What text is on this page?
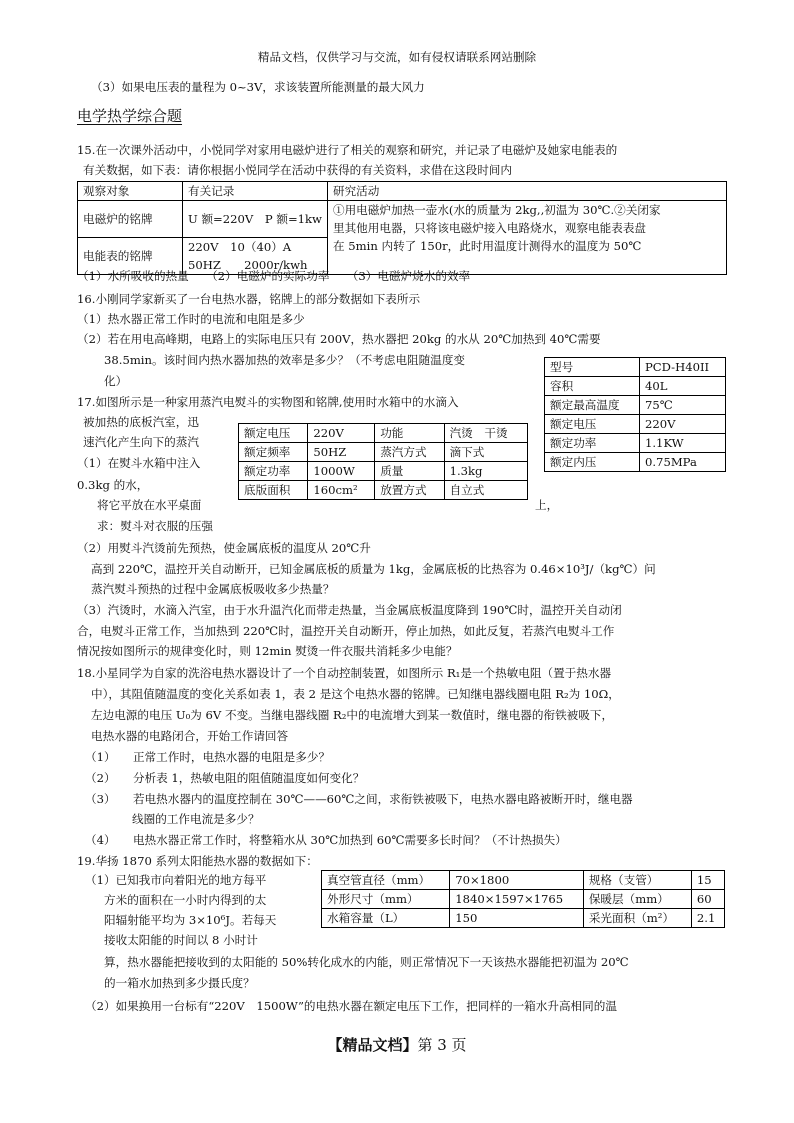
精品文档，仅供学习与交流，如有侵权请联系网站删除
（3）如果电压表的量程为 0~3V，求该装置所能测量的最大风力
电学热学综合题
15.在一次课外活动中，小悦同学对家用电磁炉进行了相关的观察和研究，并记录了电磁炉及她家电能表的
有关数据，如下表：请你根据小悦同学在活动中获得的有关资料，求借在这段时间内
观察对象	有关记录	研究活动
电磁炉的铭牌	U 额=220V　P 额=1kw	①用电磁炉加热一壶水(水的质量为 2kg,,初温为 30℃.②关闭家
		里其他用电器，只将该电磁炉接入电路烧水，观察电能表表盘
电能表的铭牌	220V　10（40）A	在 5min 内转了 150r，此时用温度计测得水的温度为 50℃
	50HZ　　2000r/kwh	
（1）水所吸收的热量　　（2）电磁炉的实际功率　　（3）电磁炉烧水的效率
16.小刚同学家新买了一台电热水器，铭牌上的部分数据如下表所示
（1）热水器正常工作时的电流和电阻是多少
（2）若在用电高峰期，电路上的实际电压只有 200V，热水器把 20kg 的水从 20℃加热到 40℃需要
38.5min。该时间内热水器加热的效率是多少？（不考虑电阻随温度变
化）
型号	PCD-H40II
容积	40L
额定最高温度	75℃
额定电压	220V
额定功率	1.1KW
额定内压	0.75MPa
17.如图所示是一种家用蒸汽电熨斗的实物图和铭牌,使用时水箱中的水滴入
被加热的底板汽室，迅
速汽化产生向下的蒸汽
（1）在熨斗水箱中注入
0.3kg 的水，
将它平放在水平桌面	上，
额定电压	220V	功能	汽烫　干烫
额定频率	50HZ	蒸汽方式	滴下式
额定功率	1000W	质量	1.3kg
底版面积	160cm²	放置方式	自立式
求：熨斗对衣服的压强
（2）用熨斗汽烫前先预热，使金属底板的温度从 20℃升
高到 220℃，温控开关自动断开，已知金属底板的质量为 1kg，金属底板的比热容为 0.46×10³J/（kg℃）问
蒸汽熨斗预热的过程中金属底板吸收多少热量？
（3）汽烫时，水滴入汽室，由于水升温汽化而带走热量，当金属底板温度降到 190℃时，温控开关自动闭
合，电熨斗正常工作，当加热到 220℃时，温控开关自动断开，停止加热，如此反复，若蒸汽电熨斗工作
情况按如图所示的规律变化时，则 12min 熨烫一件衣服共消耗多少电能？
18.小星同学为自家的洗浴电热水器设计了一个自动控制装置，如图所示 R₁是一个热敏电阻（置于热水器
中），其阻值随温度的变化关系如表 1，表 2 是这个电热水器的铭牌。已知继电器线圈电阻 R₂为 10Ω，
左边电源的电压 U₀为 6V 不变。当继电器线圈 R₂中的电流增大到某一数值时，继电器的衔铁被吸下，
电热水器的电路闭合，开始工作请回答
（1）　　正常工作时，电热水器的电阻是多少？
（2）　　分析表 1，热敏电阻的阻值随温度如何变化？
（3）　　若电热水器内的温度控制在 30℃——60℃之间，求衔铁被吸下，电热水器电路被断开时，继电器
线圈的工作电流是多少？
（4）　　电热水器正常工作时，将整箱水从 30℃加热到 60℃需要多长时间？（不计热损失）
19.华扬 1870 系列太阳能热水器的数据如下：
（1）已知我市向着阳光的地方每平
方米的面积在一小时内得到的太
阳辐射能平均为 3×10⁶J。若每天
接收太阳能的时间以 8 小时计
真空管直径（mm）	70×1800	规格（支管）	15
外形尺寸（mm）	1840×1597×1765	保暖层（mm）	60
水箱容量（L）	150	采光面积（m²）	2.1
算，热水器能把接收到的太阳能的 50%转化成水的内能，则正常情况下一天该热水器能把初温为 20℃
的一箱水加热到多少摄氏度？
（2）如果换用一台标有“220V　1500W”的电热水器在额定电压下工作，把同样的一箱水升高相同的温
【精品文档】第 3 页
